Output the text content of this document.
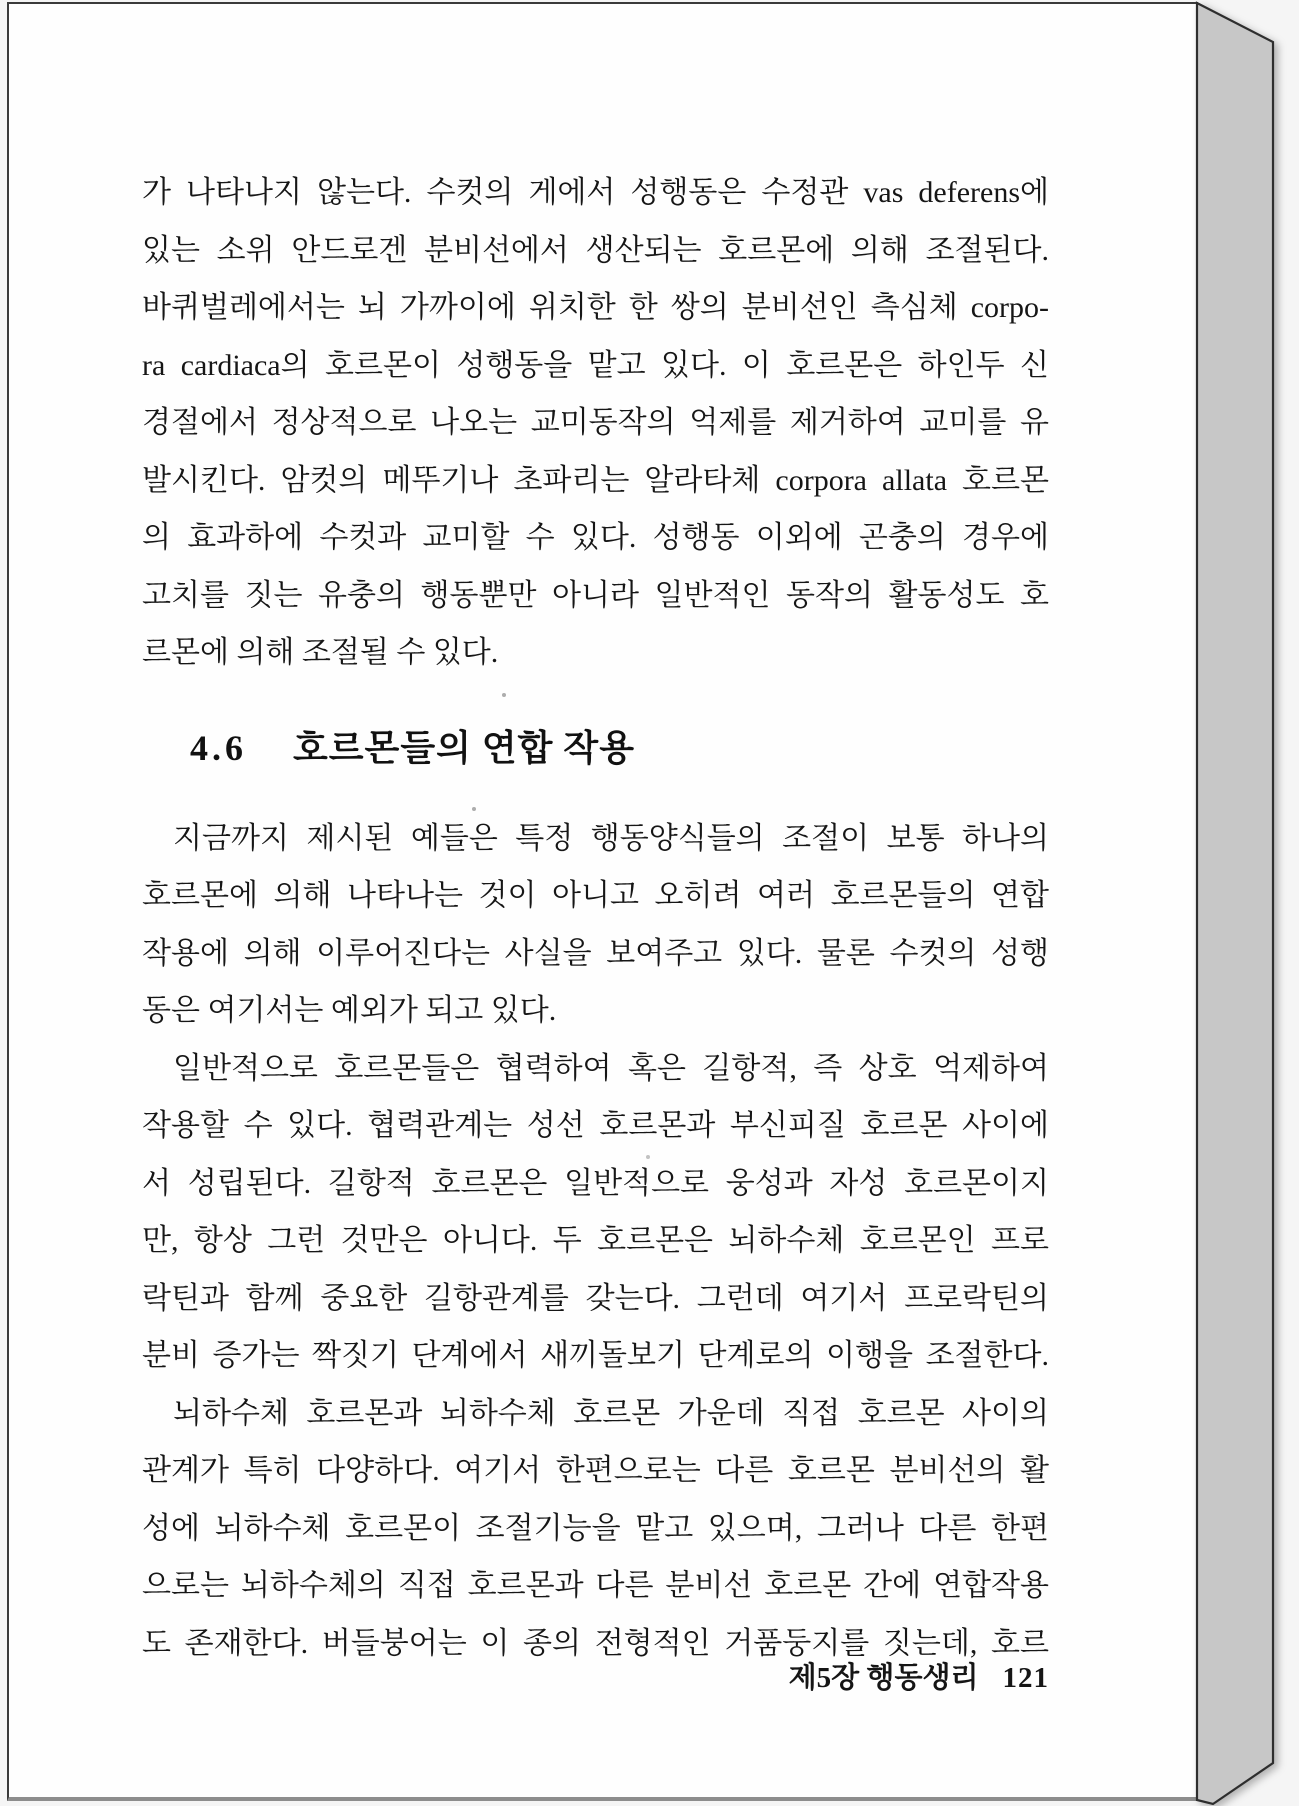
가 나타나지 않는다. 수컷의 게에서 성행동은 수정관 vas deferens에
있는 소위 안드로겐 분비선에서 생산되는 호르몬에 의해 조절된다.
바퀴벌레에서는 뇌 가까이에 위치한 한 쌍의 분비선인 측심체 corpo-
ra cardiaca의 호르몬이 성행동을 맡고 있다. 이 호르몬은 하인두 신
경절에서 정상적으로 나오는 교미동작의 억제를 제거하여 교미를 유
발시킨다. 암컷의 메뚜기나 초파리는 알라타체 corpora allata 호르몬
의 효과하에 수컷과 교미할 수 있다. 성행동 이외에 곤충의 경우에
고치를 짓는 유충의 행동뿐만 아니라 일반적인 동작의 활동성도 호
르몬에 의해 조절될 수 있다.
4.6 호르몬들의 연합 작용
지금까지 제시된 예들은 특정 행동양식들의 조절이 보통 하나의
호르몬에 의해 나타나는 것이 아니고 오히려 여러 호르몬들의 연합
작용에 의해 이루어진다는 사실을 보여주고 있다. 물론 수컷의 성행
동은 여기서는 예외가 되고 있다.
일반적으로 호르몬들은 협력하여 혹은 길항적, 즉 상호 억제하여
작용할 수 있다. 협력관계는 성선 호르몬과 부신피질 호르몬 사이에
서 성립된다. 길항적 호르몬은 일반적으로 웅성과 자성 호르몬이지
만, 항상 그런 것만은 아니다. 두 호르몬은 뇌하수체 호르몬인 프로
락틴과 함께 중요한 길항관계를 갖는다. 그런데 여기서 프로락틴의
분비 증가는 짝짓기 단계에서 새끼돌보기 단계로의 이행을 조절한다.
뇌하수체 호르몬과 뇌하수체 호르몬 가운데 직접 호르몬 사이의
관계가 특히 다양하다. 여기서 한편으로는 다른 호르몬 분비선의 활
성에 뇌하수체 호르몬이 조절기능을 맡고 있으며, 그러나 다른 한편
으로는 뇌하수체의 직접 호르몬과 다른 분비선 호르몬 간에 연합작용
도 존재한다. 버들붕어는 이 종의 전형적인 거품둥지를 짓는데, 호르
제5장 행동생리 121
